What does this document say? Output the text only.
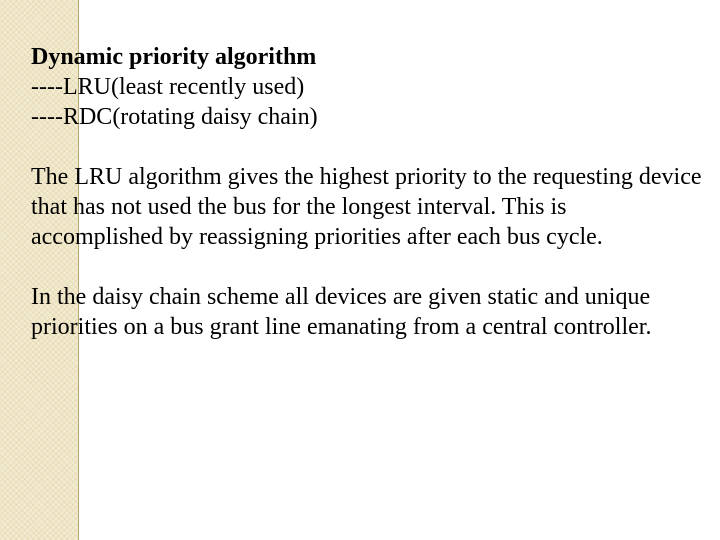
Dynamic priority algorithm

----LRU(least recently used)

----RDC(rotating daisy chain)

The LRU algorithm gives the highest priority to the requesting device that has not used the bus for the longest interval. This is accomplished by reassigning priorities after each bus cycle.

In the daisy chain scheme all devices are given static and unique priorities on a bus grant line emanating from a central controller.
